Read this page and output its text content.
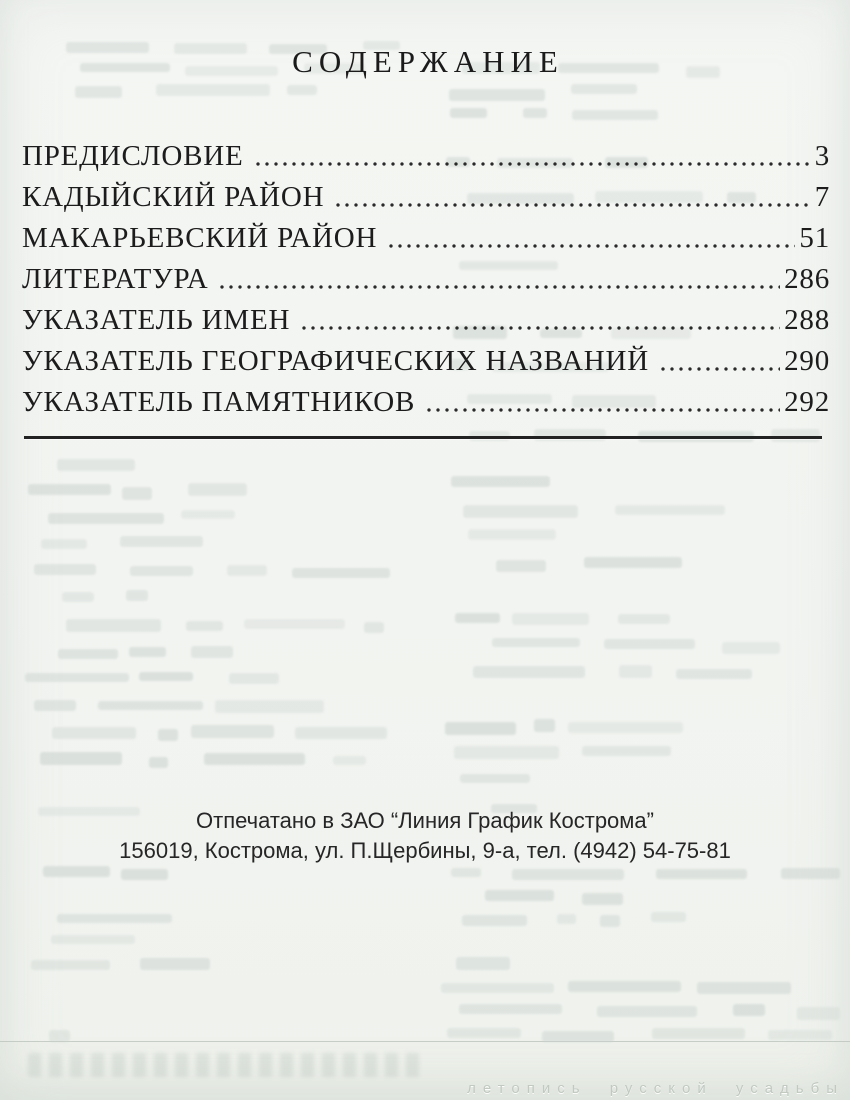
СОДЕРЖАНИЕ
ПРЕДИСЛОВИЕ	3
КАДЫЙСКИЙ РАЙОН	7
МАКАРЬЕВСКИЙ РАЙОН	51
ЛИТЕРАТУРА	286
УКАЗАТЕЛЬ ИМЕН	288
УКАЗАТЕЛЬ ГЕОГРАФИЧЕСКИХ НАЗВАНИЙ	290
УКАЗАТЕЛЬ ПАМЯТНИКОВ	292
Отпечатано в ЗАО “Линия График Кострома”
156019, Кострома, ул. П.Щербины, 9-а, тел. (4942) 54-75-81
летопись русской усадьбы
